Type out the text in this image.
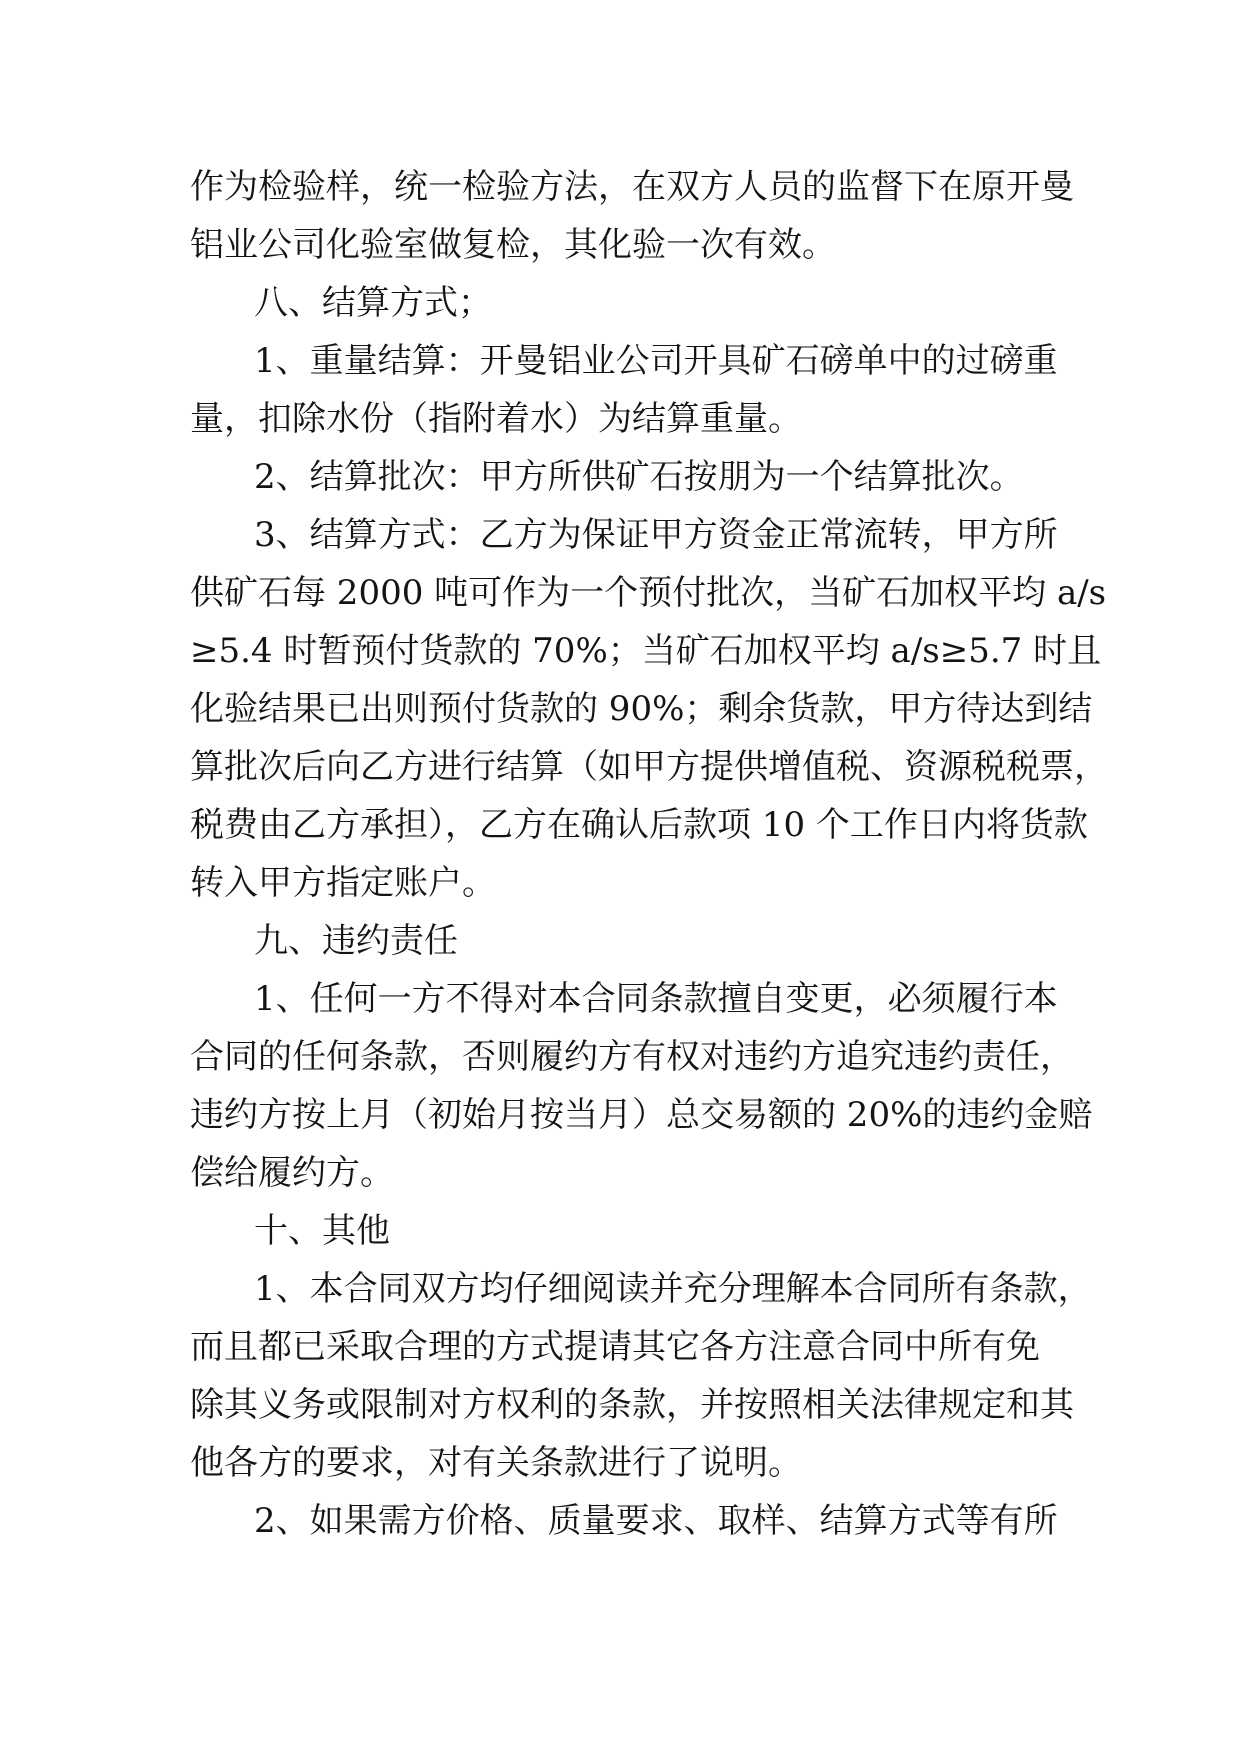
作为检验样，统一检验方法，在双方人员的监督下在原开曼
铝业公司化验室做复检，其化验一次有效。
八、结算方式；
1、重量结算：开曼铝业公司开具矿石磅单中的过磅重
量，扣除水份（指附着水）为结算重量。
2、结算批次：甲方所供矿石按朋为一个结算批次。
3、结算方式：乙方为保证甲方资金正常流转，甲方所
供矿石每 2000 吨可作为一个预付批次，当矿石加权平均 a/s
≥5.4 时暂预付货款的 70%；当矿石加权平均 a/s≥5.7 时且
化验结果已出则预付货款的 90%；剩余货款，甲方待达到结
算批次后向乙方进行结算（如甲方提供增值税、资源税税票，
税费由乙方承担），乙方在确认后款项 10 个工作日内将货款
转入甲方指定账户。
九、违约责任
1、任何一方不得对本合同条款擅自变更，必须履行本
合同的任何条款，否则履约方有权对违约方追究违约责任，
违约方按上月（初始月按当月）总交易额的 20%的违约金赔
偿给履约方。
十、其他
1、本合同双方均仔细阅读并充分理解本合同所有条款，
而且都已采取合理的方式提请其它各方注意合同中所有免
除其义务或限制对方权利的条款，并按照相关法律规定和其
他各方的要求，对有关条款进行了说明。
2、如果需方价格、质量要求、取样、结算方式等有所
